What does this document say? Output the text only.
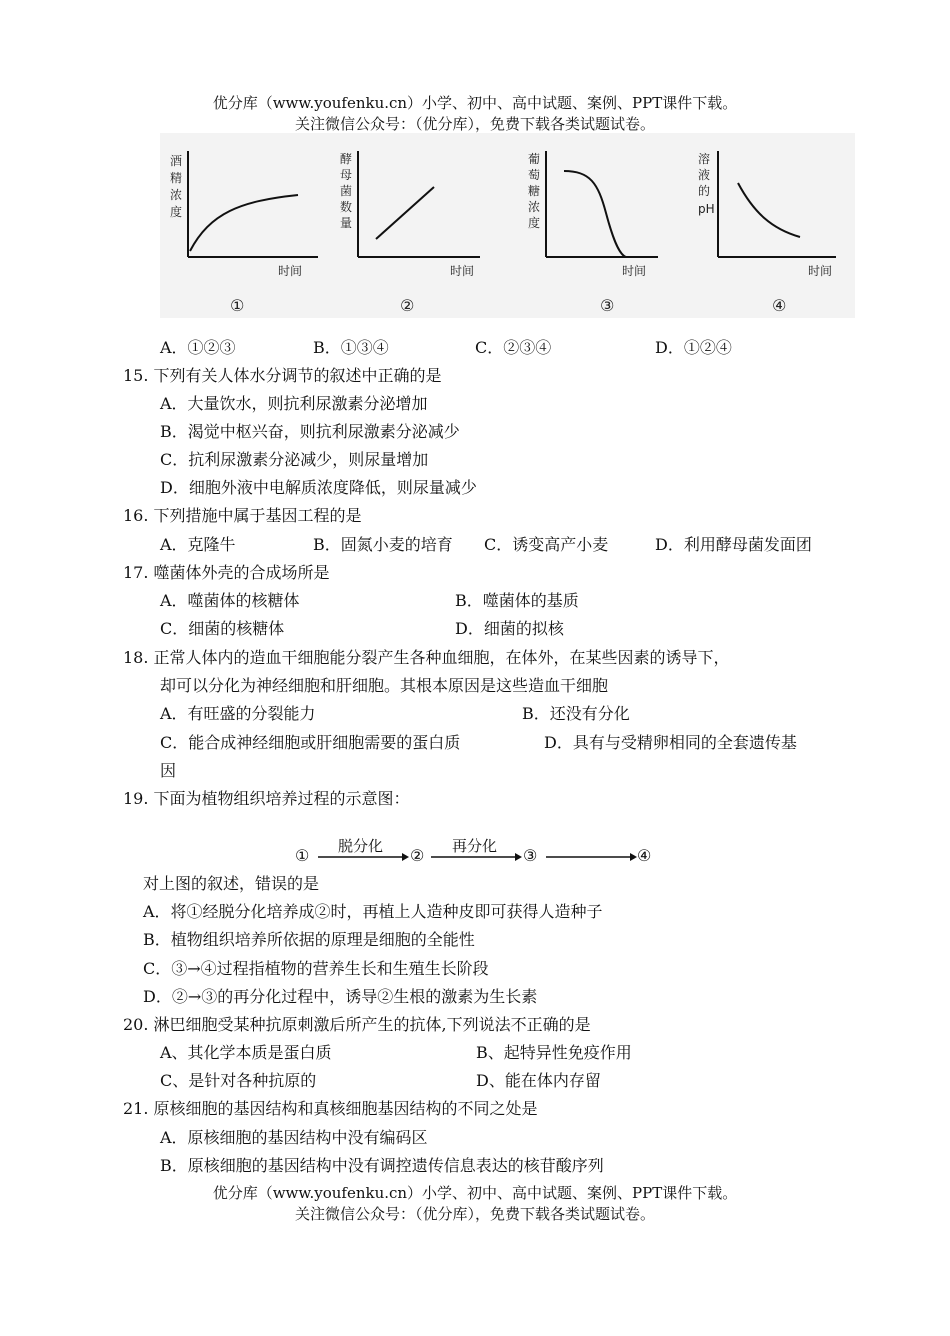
优分库（www.youfenku.cn）小学、初中、高中试题、案例、PPT课件下载。
关注微信公众号：（优分库），免费下载各类试题试卷。
酒
精
浓
度
时间
①
酵
母
菌
数
量
时间
②
葡
萄
糖
浓
度
时间
③
溶
液
的
pH
时间
④
A．①②③	B．①③④	C．②③④	D．①②④
15. 下列有关人体水分调节的叙述中正确的是
A．大量饮水，则抗利尿激素分泌增加
B．渴觉中枢兴奋，则抗利尿激素分泌减少
C．抗利尿激素分泌减少，则尿量增加
D．细胞外液中电解质浓度降低，则尿量减少
16. 下列措施中属于基因工程的是
A．克隆牛	B．固氮小麦的培育 C．诱变高产小麦	D．利用酵母菌发面团
17. 噬菌体外壳的合成场所是
A．噬菌体的核糖体	B．噬菌体的基质
C．细菌的核糖体	D．细菌的拟核
18. 正常人体内的造血干细胞能分裂产生各种血细胞，在体外，在某些因素的诱导下，
却可以分化为神经细胞和肝细胞。其根本原因是这些造血干细胞
A．有旺盛的分裂能力	B．还没有分化
C．能合成神经细胞或肝细胞需要的蛋白质	D．具有与受精卵相同的全套遗传基
因
19. 下面为植物组织培养过程的示意图：
① 脱分化 ② 再分化 ③	④
对上图的叙述，错误的是
A．将①经脱分化培养成②时，再植上人造种皮即可获得人造种子
B．植物组织培养所依据的原理是细胞的全能性
C．③→④过程指植物的营养生长和生殖生长阶段
D．②→③的再分化过程中，诱导②生根的激素为生长素
20. 淋巴细胞受某种抗原刺激后所产生的抗体,下列说法不正确的是
A、其化学本质是蛋白质	B、起特异性免疫作用
C、是针对各种抗原的	D、能在体内存留
21. 原核细胞的基因结构和真核细胞基因结构的不同之处是
A．原核细胞的基因结构中没有编码区
B．原核细胞的基因结构中没有调控遗传信息表达的核苷酸序列
优分库（www.youfenku.cn）小学、初中、高中试题、案例、PPT课件下载。
关注微信公众号：（优分库），免费下载各类试题试卷。
